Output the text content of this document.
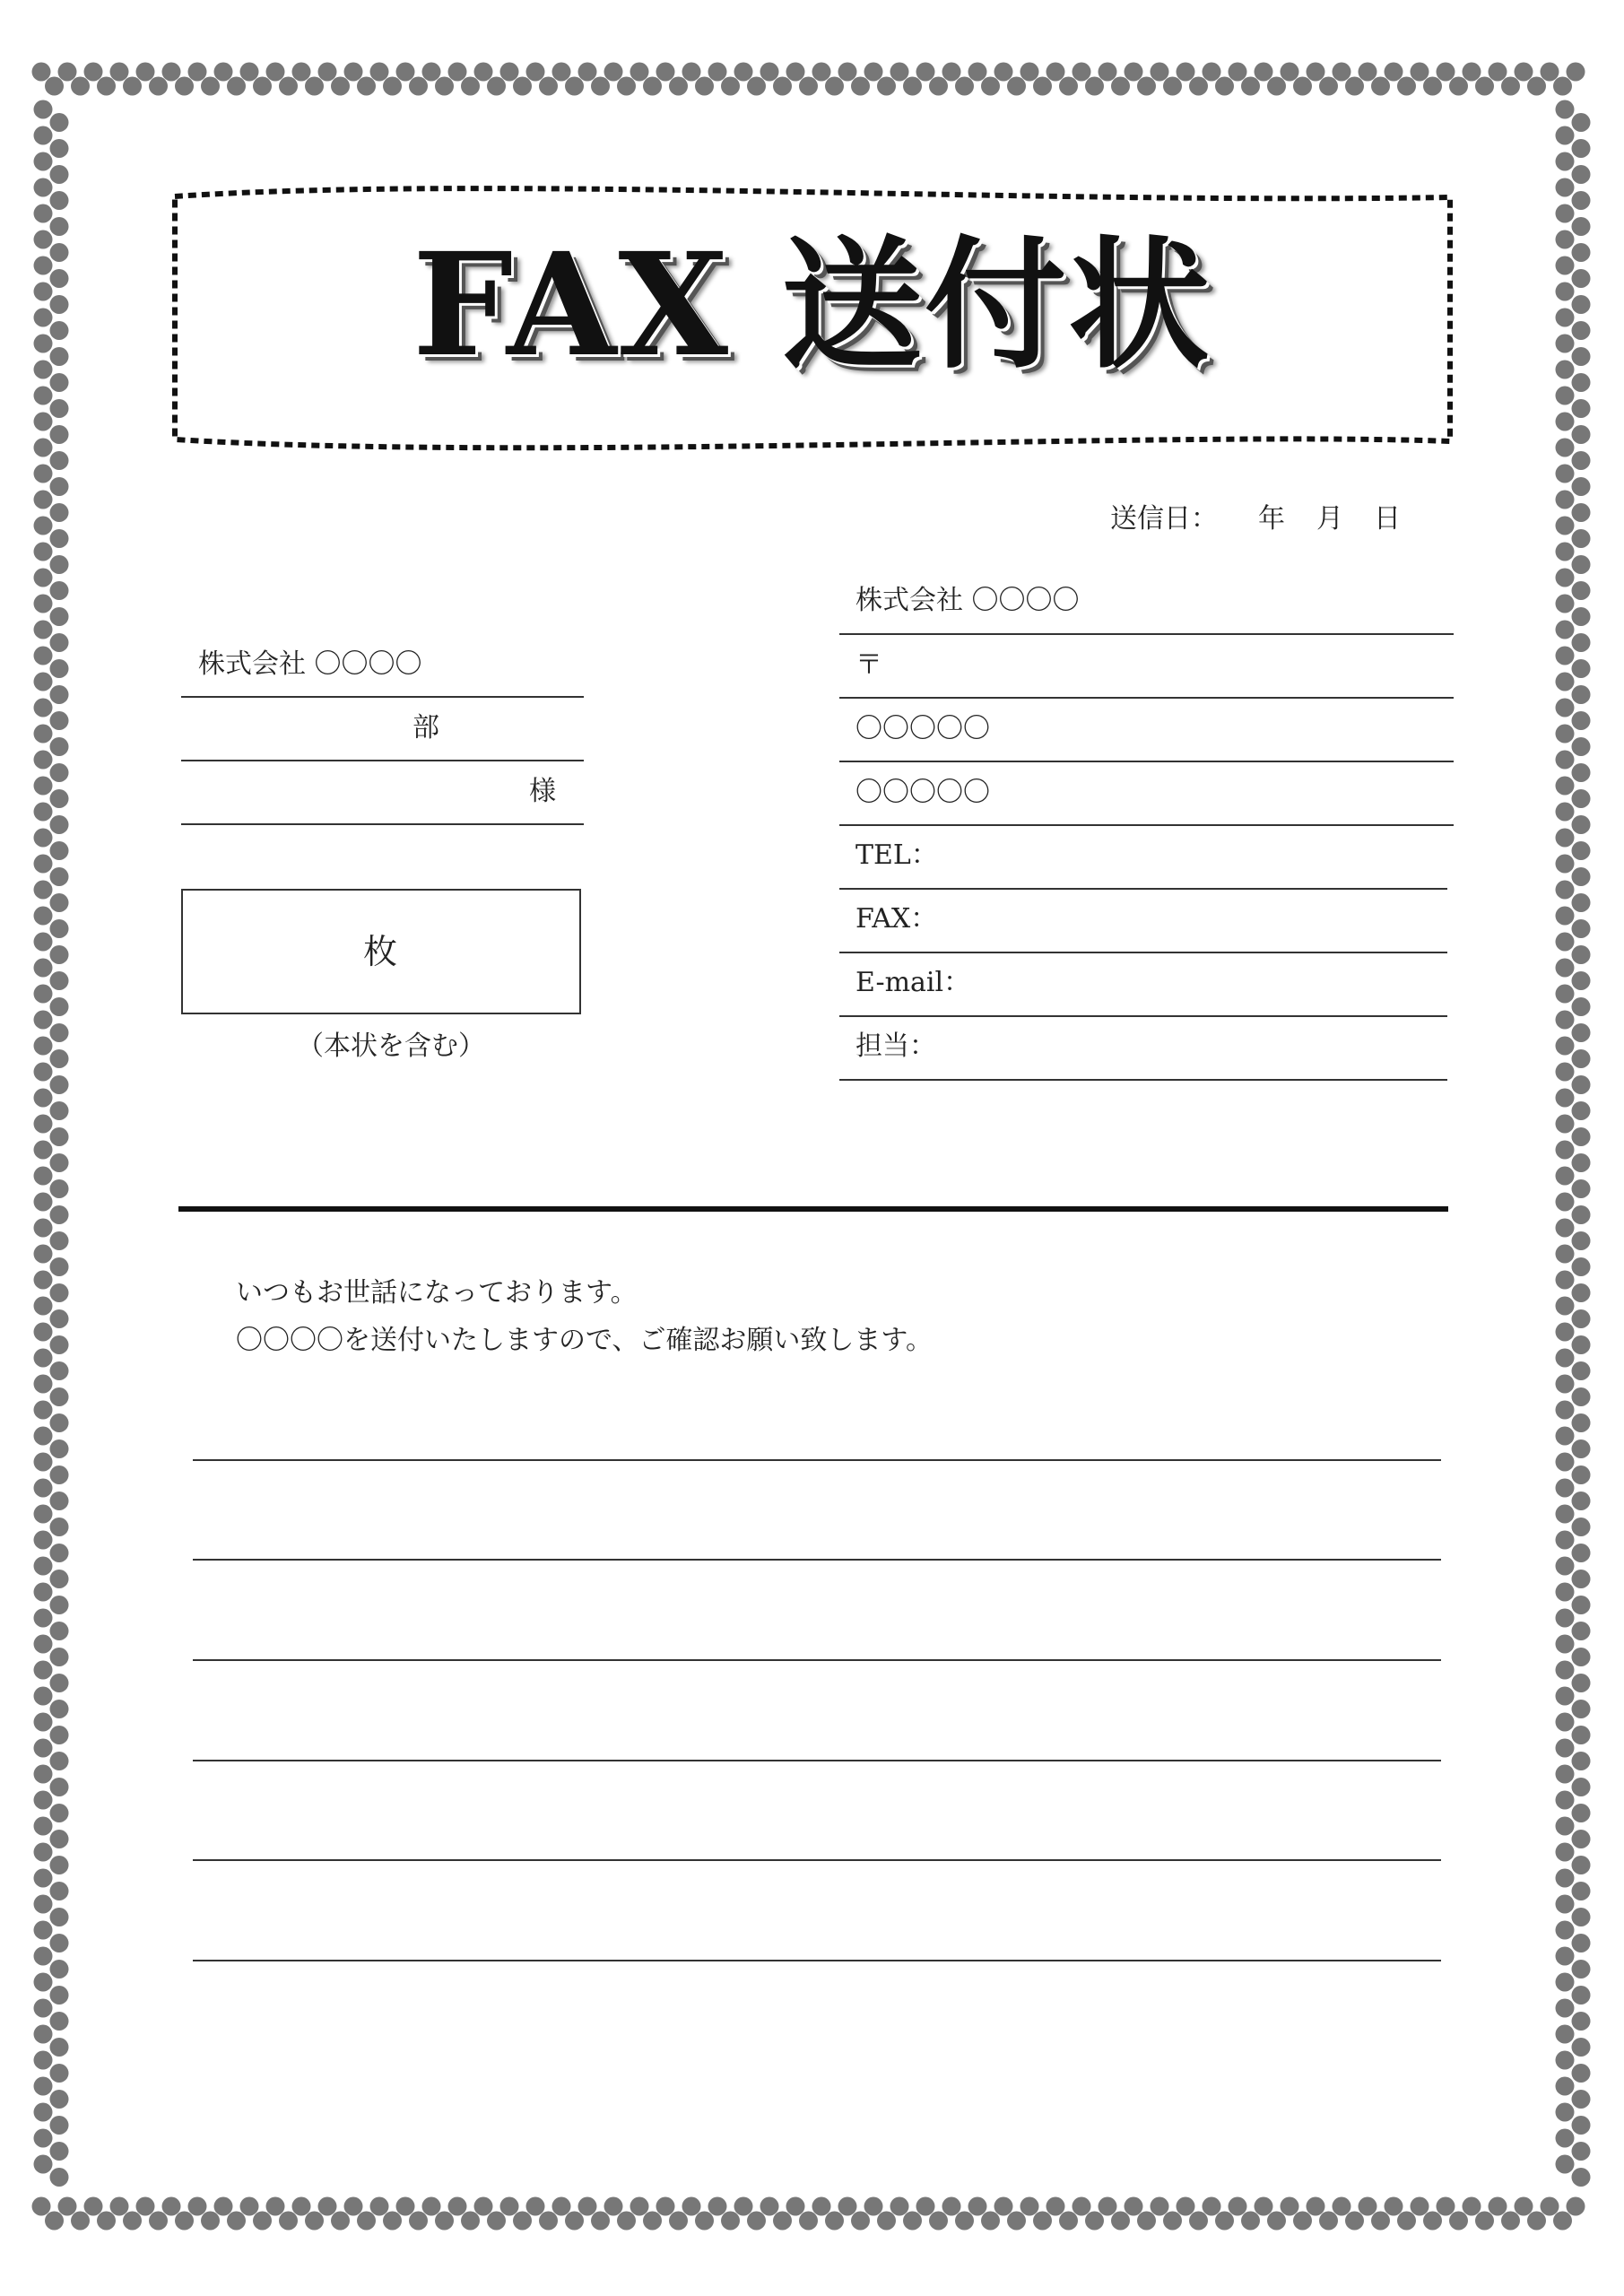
FAX 送付状
送信日： 年 月 日
株式会社 〇〇〇〇
部
様
枚
（本状を含む）
株式会社 〇〇〇〇
〒
〇〇〇〇〇
〇〇〇〇〇
TEL：
FAX：
E-mail：
担当：
いつもお世話になっております。
〇〇〇〇を送付いたしますので、ご確認お願い致します。
